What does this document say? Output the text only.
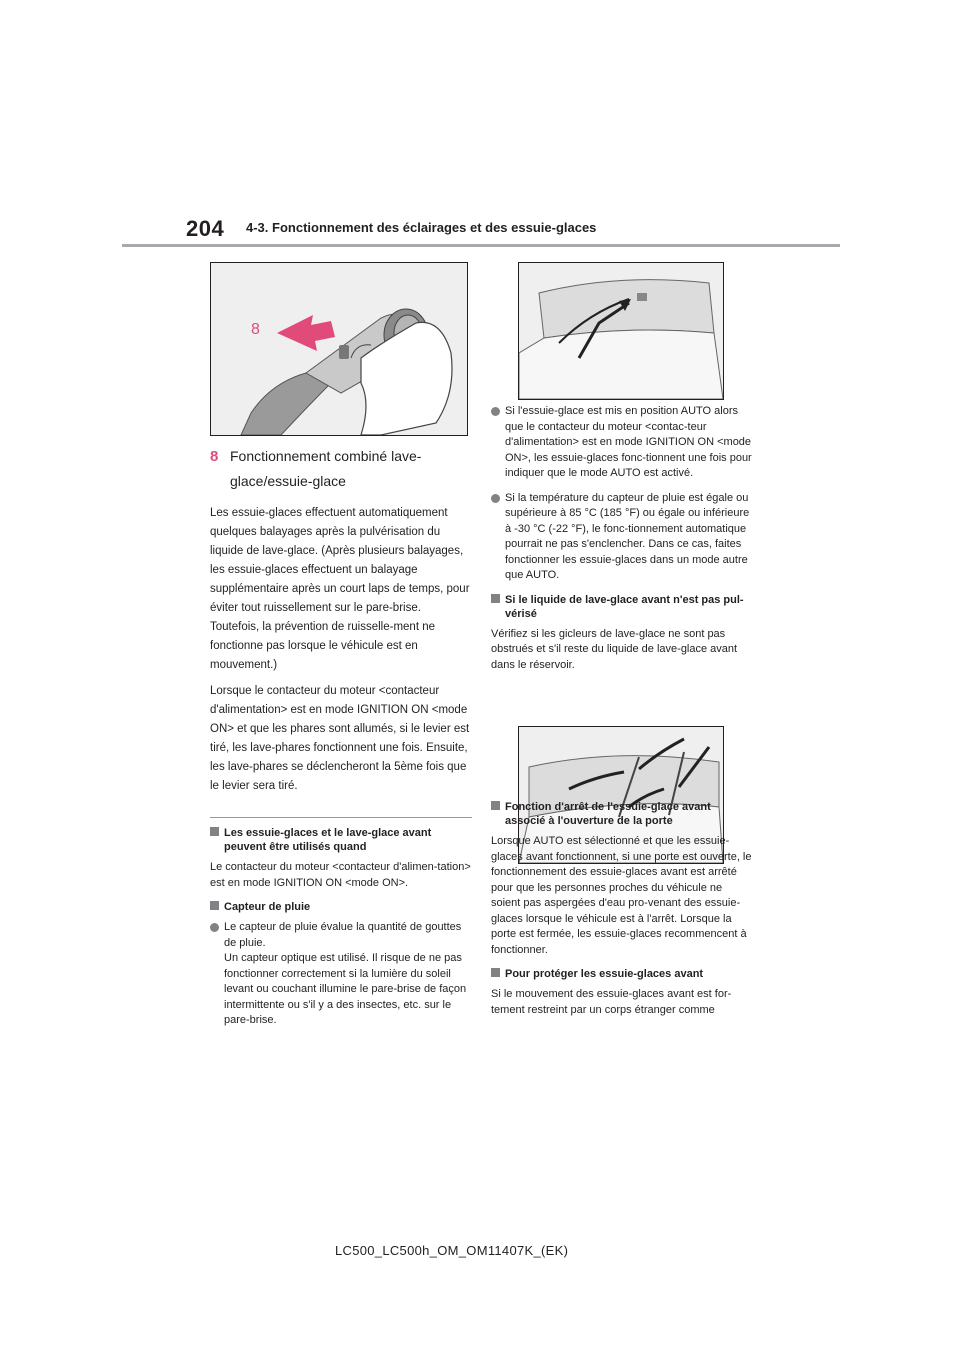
204 4-3. Fonctionnement des éclairages et des essuie-glaces
8
8 Fonctionnement combiné lave-glace/essuie-glace

Les essuie-glaces effectuent automatiquement quelques balayages après la pulvérisation du liquide de lave-glace. (Après plusieurs balayages, les essuie-glaces effectuent un balayage supplémentaire après un court laps de temps, pour éviter tout ruissellement sur le pare-brise. Toutefois, la prévention de ruisselle-ment ne fonctionne pas lorsque le véhicule est en mouvement.)

Lorsque le contacteur du moteur <contacteur d'alimentation> est en mode IGNITION ON <mode ON> et que les phares sont allumés, si le levier est tiré, les lave-phares fonctionnent une fois. Ensuite, les lave-phares se déclencheront la 5ème fois que le levier sera tiré.

Les essuie-glaces et le lave-glace avant peuvent être utilisés quand

Le contacteur du moteur <contacteur d'alimen-tation> est en mode IGNITION ON <mode ON>.

Capteur de pluie
Le capteur de pluie évalue la quantité de gouttes de pluie.
Un capteur optique est utilisé. Il risque de ne pas fonctionner correctement si la lumière du soleil levant ou couchant illumine le pare-brise de façon intermittente ou s'il y a des insectes, etc. sur le pare-brise.
Si l'essuie-glace est mis en position AUTO alors que le contacteur du moteur <contac-teur d'alimentation> est en mode IGNITION ON <mode ON>, les essuie-glaces fonc-tionnent une fois pour indiquer que le mode AUTO est activé.
Si la température du capteur de pluie est égale ou supérieure à 85 °C (185 °F) ou égale ou inférieure à -30 °C (-22 °F), le fonc-tionnement automatique pourrait ne pas s'enclencher. Dans ce cas, faites fonctionner les essuie-glaces dans un mode autre que AUTO.
Si le liquide de lave-glace avant n'est pas pul-vérisé

Vérifiez si les gicleurs de lave-glace ne sont pas obstrués et s'il reste du liquide de lave-glace avant dans le réservoir.

Fonction d'arrêt de l'essuie-glace avant associé à l'ouverture de la porte

Lorsque AUTO est sélectionné et que les essuie-glaces avant fonctionnent, si une porte est ouverte, le fonctionnement des essuie-glaces avant est arrêté pour que les personnes proches du véhicule ne soient pas aspergées d'eau pro-venant des essuie-glaces lorsque le véhicule est à l'arrêt. Lorsque la porte est fermée, les essuie-glaces recommencent à fonctionner.

Pour protéger les essuie-glaces avant

Si le mouvement des essuie-glaces avant est for-tement restreint par un corps étranger comme

LC500_LC500h_OM_OM11407K_(EK)
